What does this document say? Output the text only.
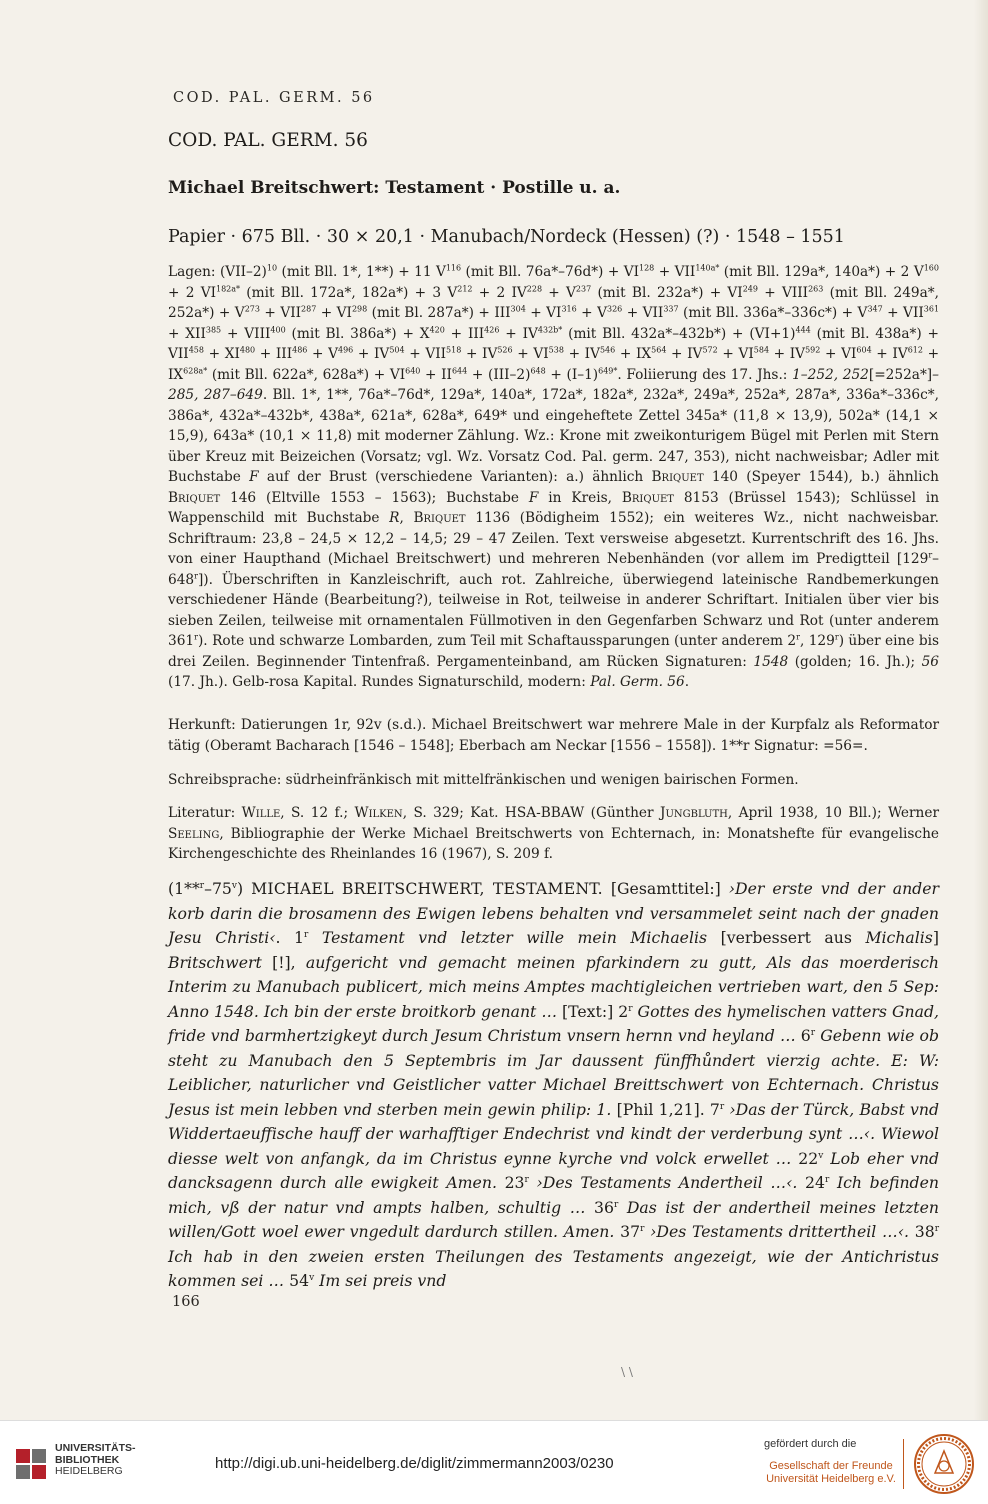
COD. PAL. GERM. 56
COD. PAL. GERM. 56
Michael Breitschwert: Testament · Postille u. a.
Papier · 675 Bll. · 30 × 20,1 · Manubach/Nordeck (Hessen) (?) · 1548 – 1551

Lagen: $(VII-2)^{10}$ (mit Bll. 1*, 1**) + 11 $V^{116}$ (mit Bll. $76a*-76d*) + VI^{128} + VII^{140a*}$ (mit Bll. 129a*, 140a*) + 2 $V^{160} + 2$ $VI^{182a*}$ (mit Bll. 172a*, 182a*) + 3 $V^{212} + 2$ $IV^{228} + V^{237}$ (mit Bl. $232a*) + VI^{249}$ + $VIII^{263}$ (mit Bll. 249a*, $252a*) + V^{273} + VII^{287} + VI^{298}$ (mit Bl. $287a*) + III^{304} + VI^{316} + V^{326} + VII^{337}$ (mit Bll. $336a*-336c*) + V^{347} + VII^{361} + XII^{385}$ + $VIII^{400}$ (mit Bl. $386a*) + X^{420} + III^{426} + IV^{432b*}$ (mit Bll. $432a*-432b*) + (VI+1)^{444}$ (mit Bl. $438a*) + VII^{458} + XI^{480} + III^{486} + V^{496} + IV^{504} + VII^{518} + IV^{526} + VI^{538} + IV^{546} + IX^{564} + IV^{572} + VI^{584} + IV^{592} + VI^{604} + IV^{612} + IX^{628a*}$ (mit Bll. 622a*, $628a*) + VI^{640} + II^{644} + (III-2)^{648} + (I-1)^{649*}$. Foliierung des 17. Jhs.: 1–252, 252[=252a*]–285, 287–649. Bll. 1*, 1**, 76a*–76d*, 129a*, 140a*, 172a*, 182a*, 232a*, 249a*, 252a*, 287a*, 336a*–336c*, 386a*, 432a*–432b*, 438a*, 621a*, 628a*, 649* und eingeheftete Zettel 345a* (11,8 × 13,9), 502a* (14,1 × 15,9), 643a* (10,1 × 11,8) mit moderner Zählung. Wz.: Krone mit zweikonturigem Bügel mit Perlen mit Stern über Kreuz mit Beizeichen (Vorsatz; vgl. Wz. Vorsatz Cod. Pal. germ. 247, 353), nicht nachweisbar; Adler mit Buchstabe F auf der Brust (verschiedene Varianten): a.) ähnlich Briquet 140 (Speyer 1544), b.) ähnlich Briquet 146 (Eltville 1553 – 1563); Buchstabe F in Kreis, Briquet 8153 (Brüssel 1543); Schlüssel in Wappenschild mit Buchstabe R, Briquet 1136 (Bödigheim 1552); ein weiteres Wz., nicht nachweisbar. Schriftraum: 23,8 – 24,5 × 12,2 – 14,5; 29 – 47 Zeilen. Text versweise abgesetzt. Kurrentschrift des 16. Jhs. von einer Haupthand (Michael Breitschwert) und mehreren Nebenhänden (vor allem im Predigtteil [129$^r$–648$^r$]). Überschriften in Kanzleischrift, auch rot. Zahlreiche, überwiegend lateinische Randbemerkungen verschiedener Hände (Bearbeitung?), teilweise in Rot, teilweise in anderer Schriftart. Initialen über vier bis sieben Zeilen, teilweise mit ornamentalen Füllmotiven in den Gegenfarben Schwarz und Rot (unter anderem 361$^r$). Rote und schwarze Lombarden, zum Teil mit Schaftaussparungen (unter anderem 2$^r$, 129$^r$) über eine bis drei Zeilen. Beginnender Tintenfraß. Pergamenteinband, am Rücken Signaturen: 1548 (golden; 16. Jh.); 56 (17. Jh.). Gelb-rosa Kapital. Rundes Signaturschild, modern: Pal. Germ. 56.

Herkunft: Datierungen 1r, 92v (s.d.). Michael Breitschwert war mehrere Male in der Kurpfalz als Reformator tätig (Oberamt Bacharach [1546 – 1548]; Eberbach am Neckar [1556 – 1558]). 1**r Signatur: =56=.

Schreibsprache: südrheinfränkisch mit mittelfränkischen und wenigen bairischen Formen.

Literatur: Wille, S. 12 f.; Wilken, S. 329; Kat. HSA-BBAW (Günther Jungbluth, April 1938, 10 Bll.); Werner Seeling, Bibliographie der Werke Michael Breitschwerts von Echternach, in: Monatshefte für evangelische Kirchengeschichte des Rheinlandes 16 (1967), S. 209 f.

(1**$^r$–75$^v$) MICHAEL BREITSCHWERT, TESTAMENT. [Gesamttitel:] ›Der erste vnd der ander korb darin die brosamenn des Ewigen lebens behalten vnd versammelet seint nach der gnaden Jesu Christi‹. 1$^r$ Testament vnd letzter wille mein Michaelis [verbessert aus Michalis] Britschwert [!], aufgericht vnd gemacht meinen pfarkindern zu gutt, Als das moerderisch Interim zu Manubach publicert, mich meins Amptes machtigleichen vertrieben wart, den 5 Sep: Anno 1548. Ich bin der erste broitkorb genant … [Text:] 2$^r$ Gottes des hymelischen vatters Gnad, fride vnd barmhertzigkeyt durch Jesum Christum vnsern hernn vnd heyland … 6$^r$ Gebenn wie ob steht zu Manubach den 5 Septembris im Jar daussent fünffhůndert vierzig achte. E: W: Leiblicher, naturlicher vnd Geistlicher vatter Michael Breittschwert von Echternach. Christus Jesus ist mein lebben vnd sterben mein gewin philip: 1. [Phil 1,21]. 7$^r$ ›Das der Türck, Babst vnd Widdertaeuffische hauff der warhafftiger Endechrist vnd kindt der verderbung synt …‹. Wiewol diesse welt von anfangk, da im Christus eynne kyrche vnd volck erwellet … 22$^v$ Lob eher vnd dancksagenn durch alle ewigkeit Amen. 23$^r$ ›Des Testaments Andertheil …‹. 24$^r$ Ich befinden mich, vß der natur vnd ampts halben, schultig … 36$^r$ Das ist der andertheil meines letzten willen/Gott woel ewer vngedult dardurch stillen. Amen. 37$^r$ ›Des Testaments drittertheil …‹. 38$^r$ Ich hab in den zweien ersten Theilungen des Testaments angezeigt, wie der Antichristus kommen sei … 54$^v$ Im sei preis vnd

166
\ \
UNIVERSITÄTS-
BIBLIOTHEK
HEIDELBERG	http://digi.ub.uni-heidelberg.de/diglit/zimmermann2003/0230
gefördert durch die
Gesellschaft der Freunde
Universität Heidelberg e.V.
